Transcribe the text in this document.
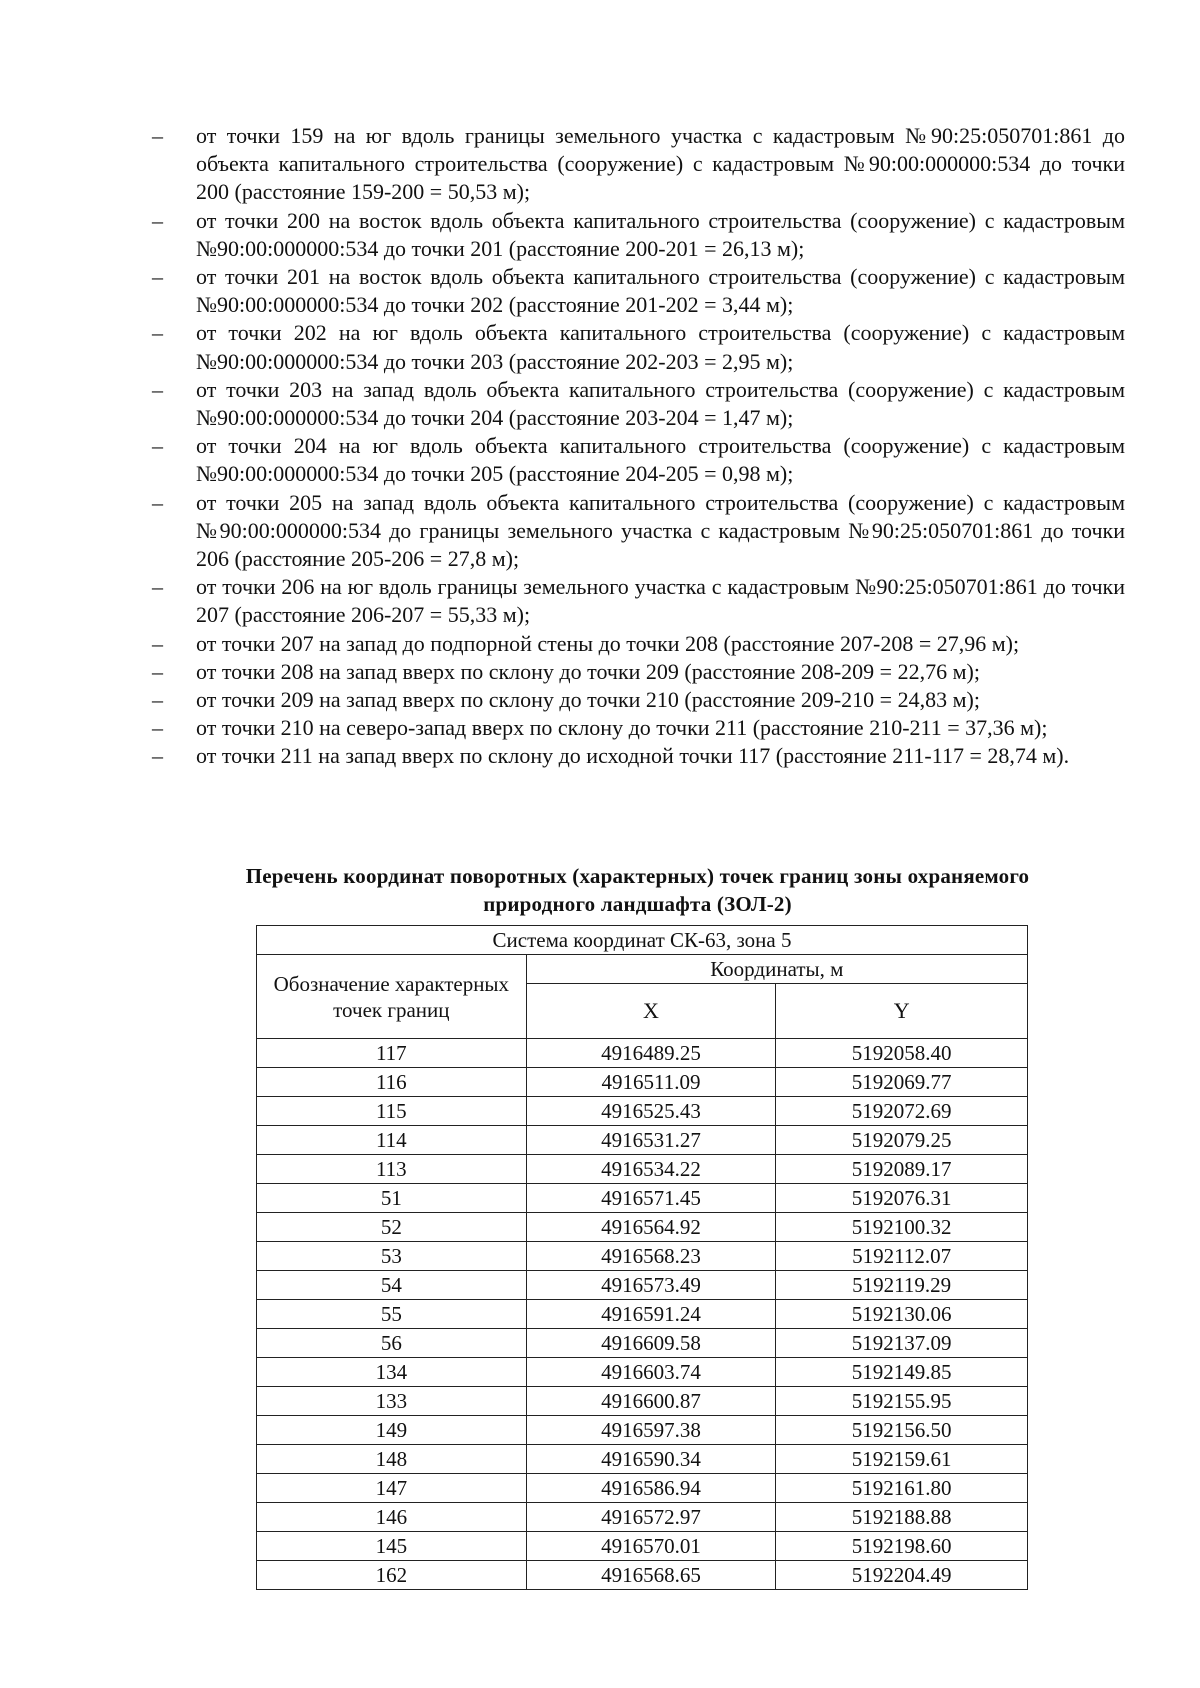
–	от точки 159 на юг вдоль границы земельного участка с кадастровым №90:25:050701:861 до объекта капитального строительства (сооружение) с кадастровым №90:00:000000:534 до точки 200 (расстояние 159-200 = 50,53 м);
–	от точки 200 на восток вдоль объекта капитального строительства (сооружение) с кадастровым №90:00:000000:534 до точки 201 (расстояние 200-201 = 26,13 м);
–	от точки 201 на восток вдоль объекта капитального строительства (сооружение) с кадастровым №90:00:000000:534 до точки 202 (расстояние 201-202 = 3,44 м);
–	от точки 202 на юг вдоль объекта капитального строительства (сооружение) с кадастровым №90:00:000000:534 до точки 203 (расстояние 202-203 = 2,95 м);
–	от точки 203 на запад вдоль объекта капитального строительства (сооружение) с кадастровым №90:00:000000:534 до точки 204 (расстояние 203-204 = 1,47 м);
–	от точки 204 на юг вдоль объекта капитального строительства (сооружение) с кадастровым №90:00:000000:534 до точки 205 (расстояние 204-205 = 0,98 м);
–	от точки 205 на запад вдоль объекта капитального строительства (сооружение) с кадастровым №90:00:000000:534 до границы земельного участка с кадастровым №90:25:050701:861 до точки 206 (расстояние 205-206 = 27,8 м);
–	от точки 206 на юг вдоль границы земельного участка с кадастровым №90:25:050701:861 до точки 207 (расстояние 206-207 = 55,33 м);
–	от точки 207 на запад до подпорной стены до точки 208 (расстояние 207-208 = 27,96 м);
–	от точки 208 на запад вверх по склону до точки 209 (расстояние 208-209 = 22,76 м);
–	от точки 209 на запад вверх по склону до точки 210 (расстояние 209-210 = 24,83 м);
–	от точки 210 на северо-запад вверх по склону до точки 211 (расстояние 210-211 = 37,36 м);
–	от точки 211 на запад вверх по склону до исходной точки 117 (расстояние 211-117 = 28,74 м).
Перечень координат поворотных (характерных) точек границ зоны охраняемого
природного ландшафта (ЗОЛ-2)
Система координат СК-63, зона 5		
Обозначение характерных точек границ	Координаты, м	
	X	Y
117	4916489.25	5192058.40
116	4916511.09	5192069.77
115	4916525.43	5192072.69
114	4916531.27	5192079.25
113	4916534.22	5192089.17
51	4916571.45	5192076.31
52	4916564.92	5192100.32
53	4916568.23	5192112.07
54	4916573.49	5192119.29
55	4916591.24	5192130.06
56	4916609.58	5192137.09
134	4916603.74	5192149.85
133	4916600.87	5192155.95
149	4916597.38	5192156.50
148	4916590.34	5192159.61
147	4916586.94	5192161.80
146	4916572.97	5192188.88
145	4916570.01	5192198.60
162	4916568.65	5192204.49
